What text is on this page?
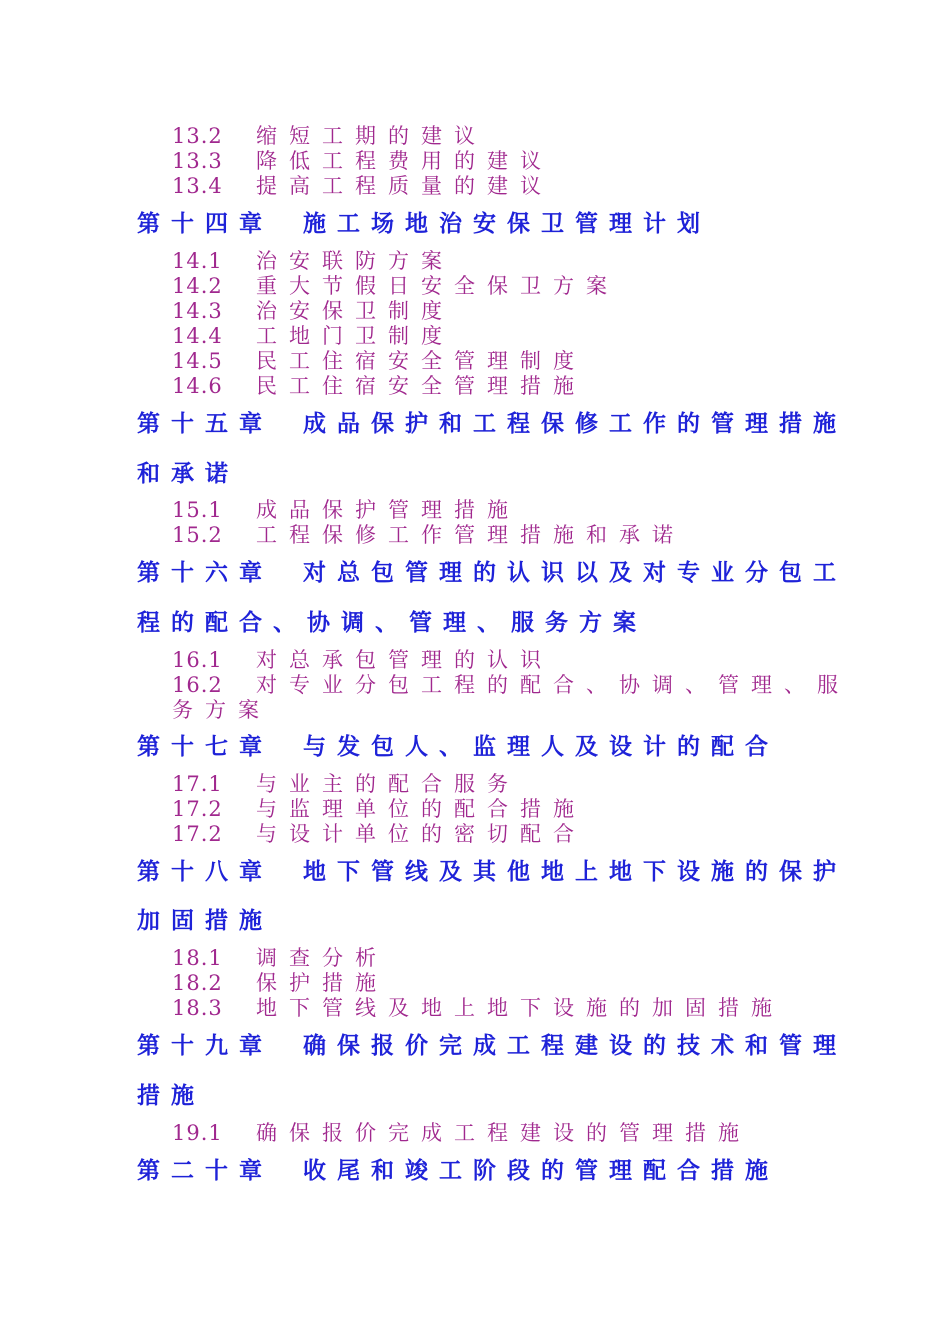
13.2 缩短工期的建议
13.3 降低工程费用的建议
13.4 提高工程质量的建议
第十四章 施工场地治安保卫管理计划
14.1 治安联防方案
14.2 重大节假日安全保卫方案
14.3 治安保卫制度
14.4 工地门卫制度
14.5 民工住宿安全管理制度
14.6 民工住宿安全管理措施
第十五章 成品保护和工程保修工作的管理措施
和承诺
15.1 成品保护管理措施
15.2 工程保修工作管理措施和承诺
第十六章 对总包管理的认识以及对专业分包工
程的配合、协调、管理、服务方案
16.1 对总承包管理的认识
16.2 对专业分包工程的配合、协调、管理、服
务方案
第十七章 与发包人、监理人及设计的配合
17.1 与业主的配合服务
17.2 与监理单位的配合措施
17.2 与设计单位的密切配合
第十八章 地下管线及其他地上地下设施的保护
加固措施
18.1 调查分析
18.2 保护措施
18.3 地下管线及地上地下设施的加固措施
第十九章 确保报价完成工程建设的技术和管理
措施
19.1 确保报价完成工程建设的管理措施
第二十章 收尾和竣工阶段的管理配合措施
